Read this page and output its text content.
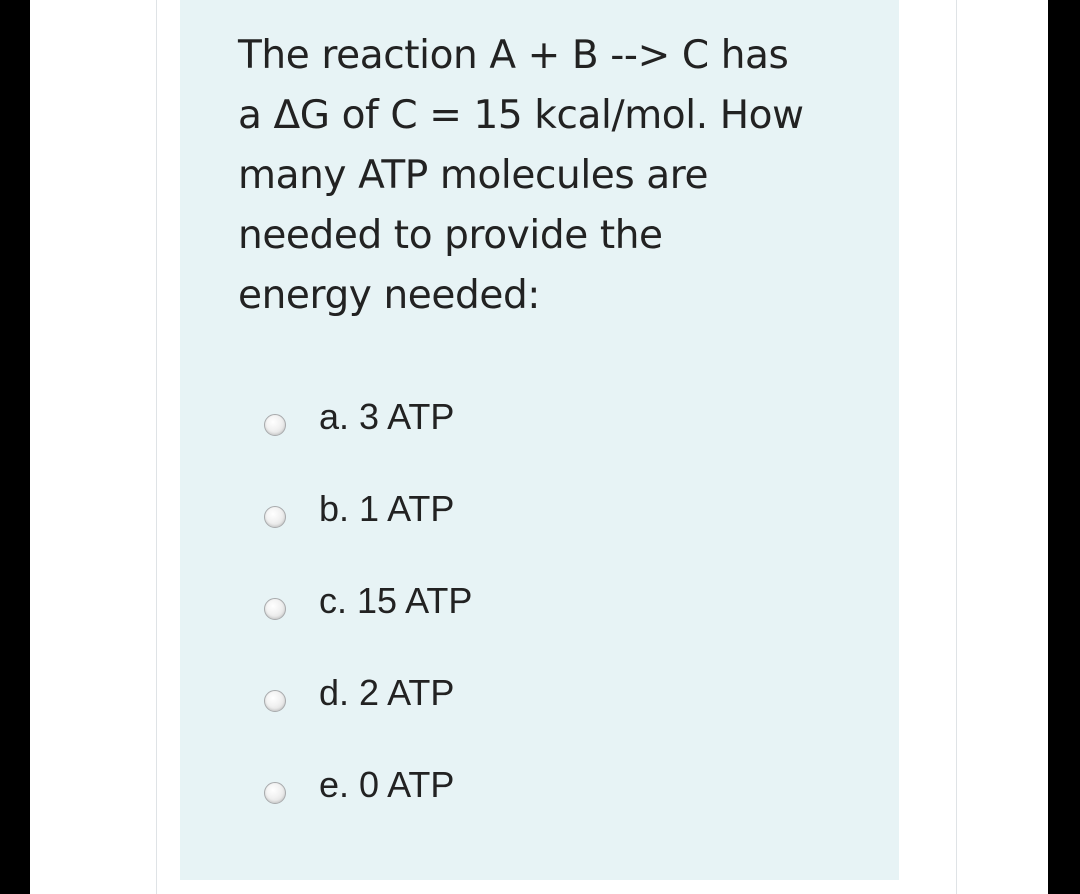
The reaction A + B --> C has
a ΔG of C = 15 kcal/mol. How
many ATP molecules are
needed to provide the
energy needed:

a. 3 ATP
b. 1 ATP
c. 15 ATP
d. 2 ATP
e. 0 ATP
